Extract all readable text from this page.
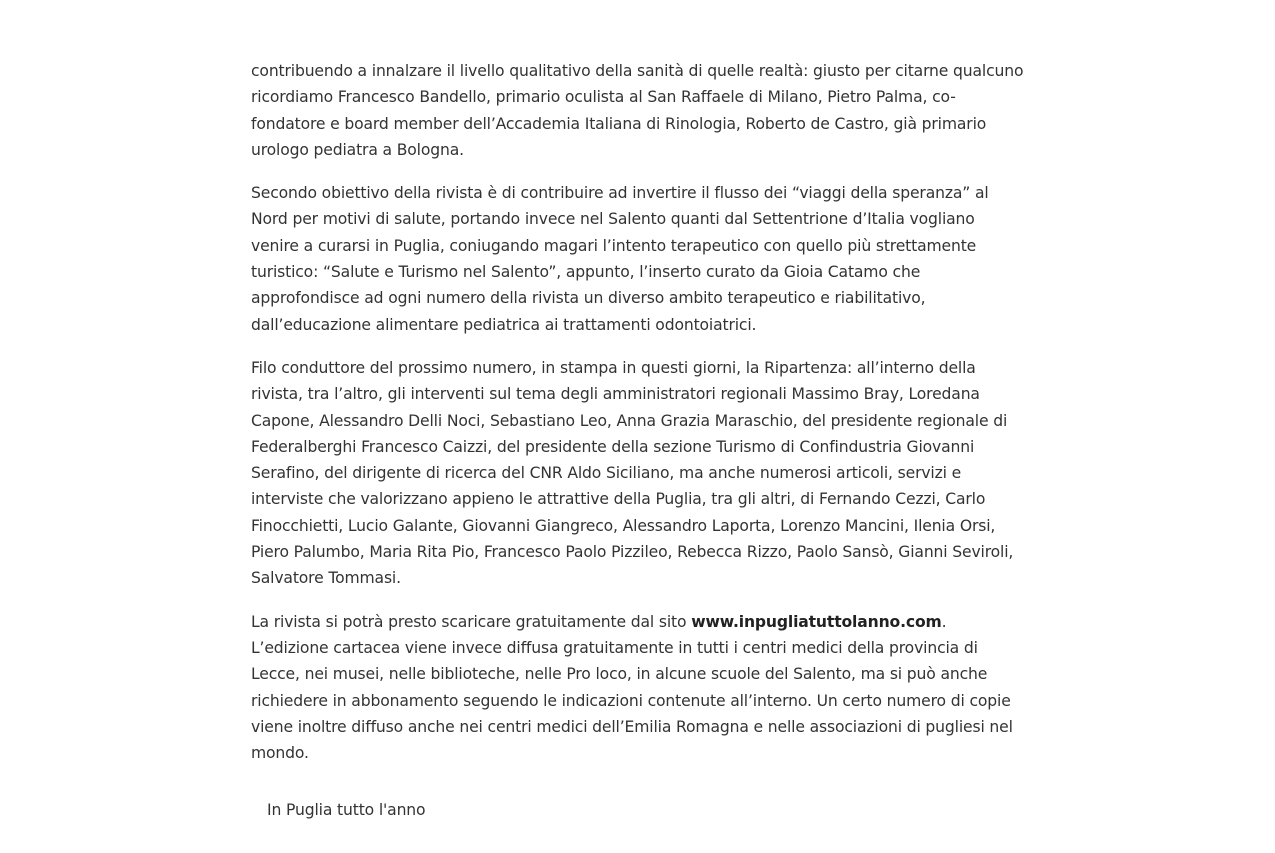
contribuendo a innalzare il livello qualitativo della sanità di quelle realtà: giusto per citarne qualcuno ricordiamo Francesco Bandello, primario oculista al San Raffaele di Milano, Pietro Palma, co-fondatore e board member dell’Accademia Italiana di Rinologia, Roberto de Castro, già primario urologo pediatra a Bologna.

Secondo obiettivo della rivista è di contribuire ad invertire il flusso dei “viaggi della speranza” al Nord per motivi di salute, portando invece nel Salento quanti dal Settentrione d’Italia vogliano venire a curarsi in Puglia, coniugando magari l’intento terapeutico con quello più strettamente turistico: “Salute e Turismo nel Salento”, appunto, l’inserto curato da Gioia Catamo che approfondisce ad ogni numero della rivista un diverso ambito terapeutico e riabilitativo, dall’educazione alimentare pediatrica ai trattamenti odontoiatrici.

Filo conduttore del prossimo numero, in stampa in questi giorni, la Ripartenza: all’interno della rivista, tra l’altro, gli interventi sul tema degli amministratori regionali Massimo Bray, Loredana Capone, Alessandro Delli Noci, Sebastiano Leo, Anna Grazia Maraschio, del presidente regionale di Federalberghi Francesco Caizzi, del presidente della sezione Turismo di Confindustria Giovanni Serafino, del dirigente di ricerca del CNR Aldo Siciliano, ma anche numerosi articoli, servizi e interviste che valorizzano appieno le attrattive della Puglia, tra gli altri, di Fernando Cezzi, Carlo Finocchietti, Lucio Galante, Giovanni Giangreco, Alessandro Laporta, Lorenzo Mancini, Ilenia Orsi, Piero Palumbo, Maria Rita Pio, Francesco Paolo Pizzileo, Rebecca Rizzo, Paolo Sansò, Gianni Seviroli, Salvatore Tommasi.

La rivista si potrà presto scaricare gratuitamente dal sito www.inpugliatuttolanno.com. L’edizione cartacea viene invece diffusa gratuitamente in tutti i centri medici della provincia di Lecce, nei musei, nelle biblioteche, nelle Pro loco, in alcune scuole del Salento, ma si può anche richiedere in abbonamento seguendo le indicazioni contenute all’interno. Un certo numero di copie viene inoltre diffuso anche nei centri medici dell’Emilia Romagna e nelle associazioni di pugliesi nel mondo.

In Puglia tutto l'anno
